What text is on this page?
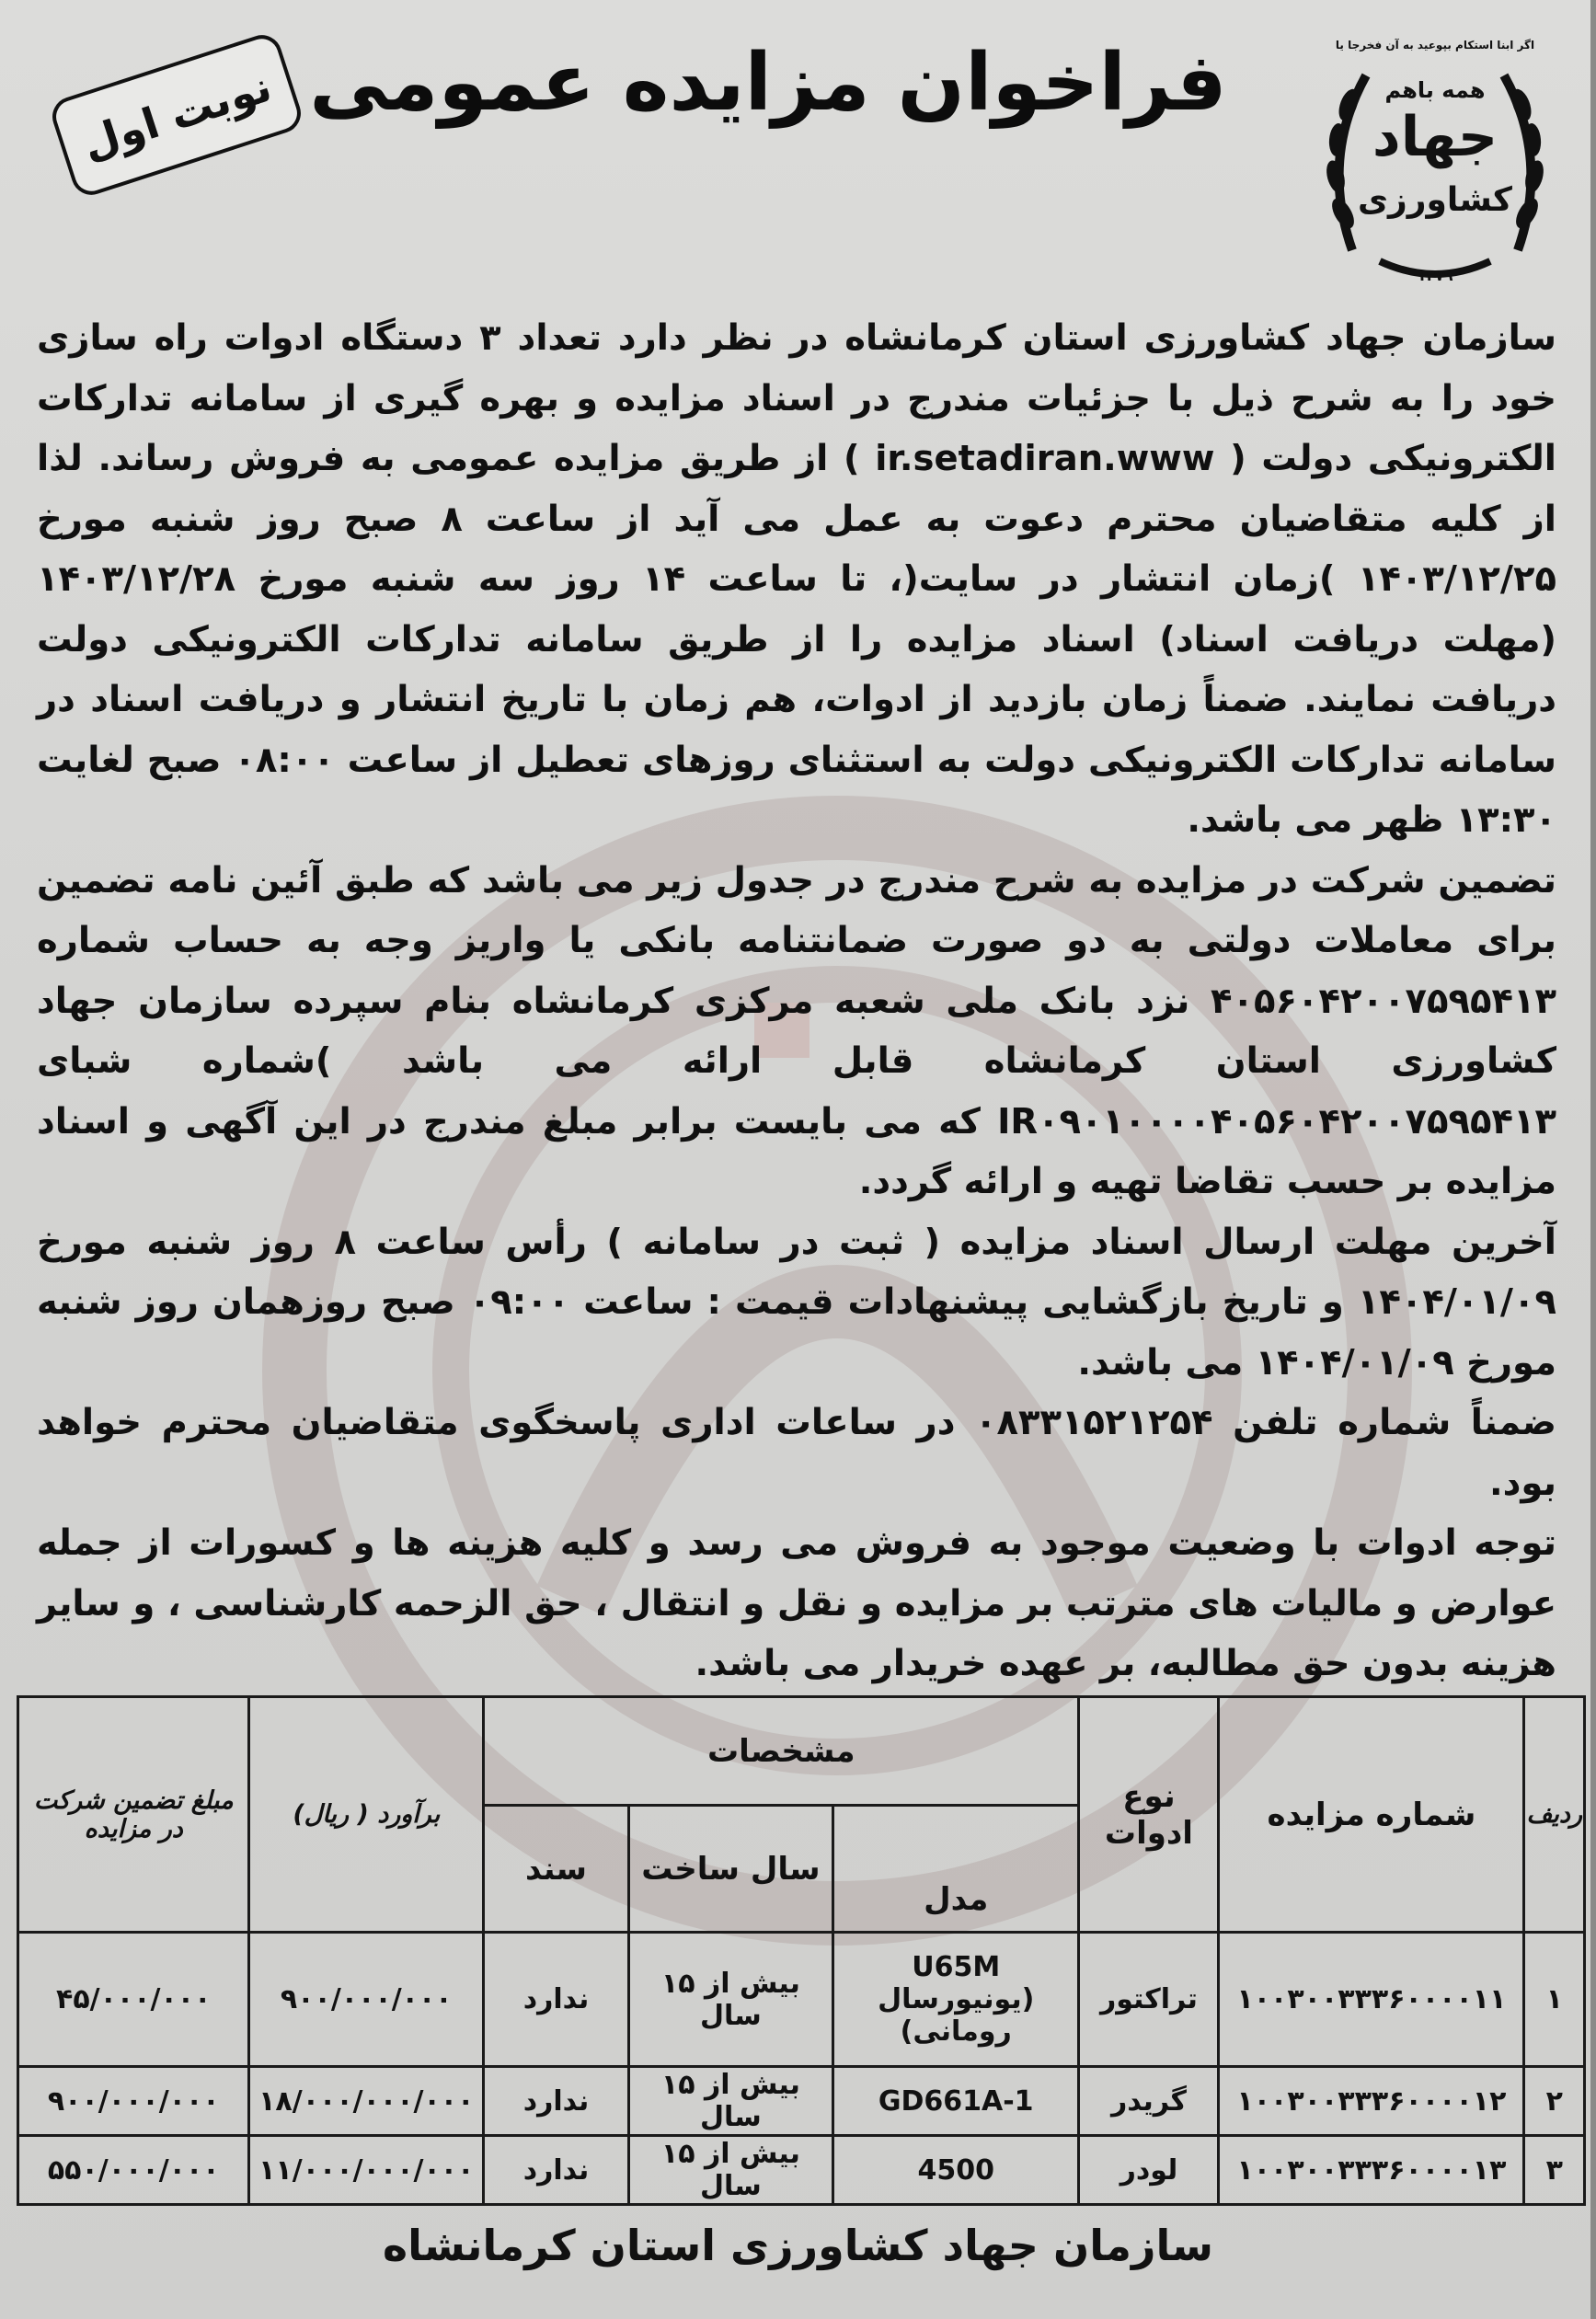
همه باهم
جهاد
کشاورزی
اگر ابنا استکام بپوعید به آن فخرجا یا
۱۳۷۹
فراخوان مزایده عمومی
نوبت اول

سازمان جهاد کشاورزی استان کرمانشاه در نظر دارد تعداد ۳ دستگاه ادوات راه سازی خود را به شرح ذیل با جزئیات مندرج در اسناد مزایده و بهره گیری از سامانه تدارکات الکترونیکی دولت ( ir.setadiran.www ) از طریق مزایده عمومی به فروش رساند. لذا از کلیه متقاضیان محترم دعوت به عمل می آید از ساعت ۸ صبح روز شنبه مورخ ۱۴۰۳/۱۲/۲۵ )زمان انتشار در سایت(، تا ساعت ۱۴ روز سه شنبه مورخ ۱۴۰۳/۱۲/۲۸ (مهلت دریافت اسناد) اسناد مزایده را از طریق سامانه تدارکات الکترونیکی دولت دریافت نمایند. ضمناً زمان بازدید از ادوات، هم زمان با تاریخ انتشار و دریافت اسناد در سامانه تدارکات الکترونیکی دولت به استثنای روزهای تعطیل از ساعت ۰۸:۰۰ صبح لغایت ۱۳:۳۰ ظهر می باشد.

تضمین شرکت در مزایده به شرح مندرج در جدول زیر می باشد که طبق آئین نامه تضمین برای معاملات دولتی به دو صورت ضمانتنامه بانکی یا واریز وجه به حساب شماره ۴۰۵۶۰۴۲۰۰۷۵۹۵۴۱۳ نزد بانک ملی شعبه مرکزی کرمانشاه بنام سپرده سازمان جهاد کشاورزی استان کرمانشاه قابل ارائه می باشد )شماره شبای IR۰۹۰۱۰۰۰۰۴۰۵۶۰۴۲۰۰۷۵۹۵۴۱۳ که می بایست برابر مبلغ مندرج در این آگهی و اسناد مزایده بر حسب تقاضا تهیه و ارائه گردد.

آخرین مهلت ارسال اسناد مزایده ( ثبت در سامانه ) رأس ساعت ۸ روز شنبه مورخ ۱۴۰۴/۰۱/۰۹ و تاریخ بازگشایی پیشنهادات قیمت : ساعت ۰۹:۰۰ صبح روزهمان روز شنبه مورخ ۱۴۰۴/۰۱/۰۹ می باشد.

ضمناً شماره تلفن ۰۸۳۳۱۵۲۱۲۵۴ در ساعات اداری پاسخگوی متقاضیان محترم خواهد بود.

توجه ادوات با وضعیت موجود به فروش می رسد و کلیه هزینه ها و کسورات از جمله عوارض و مالیات های مترتب بر مزایده و نقل و انتقال ، حق الزحمه کارشناسی ، و سایر هزینه بدون حق مطالبه، بر عهده خریدار می باشد.

ردیف	شماره مزایده	نوع ادوات	مشخصات			برآورد ( ریال)	مبلغ تضمین شرکت در مزایده
			مدل	سال ساخت	سند		
۱	۱۰۰۳۰۰۳۳۳۶۰۰۰۰۱۱	تراکتور	U65M (یونیورسال رومانی)	بیش از ۱۵ سال	ندارد	۹۰۰/۰۰۰/۰۰۰	۴۵/۰۰۰/۰۰۰
۲	۱۰۰۳۰۰۳۳۳۶۰۰۰۰۱۲	گریدر	GD661A-1	بیش از ۱۵ سال	ندارد	۱۸/۰۰۰/۰۰۰/۰۰۰	۹۰۰/۰۰۰/۰۰۰
۳	۱۰۰۳۰۰۳۳۳۶۰۰۰۰۱۳	لودر	4500	بیش از ۱۵ سال	ندارد	۱۱/۰۰۰/۰۰۰/۰۰۰	۵۵۰/۰۰۰/۰۰۰
سازمان جهاد کشاورزی استان کرمانشاه
